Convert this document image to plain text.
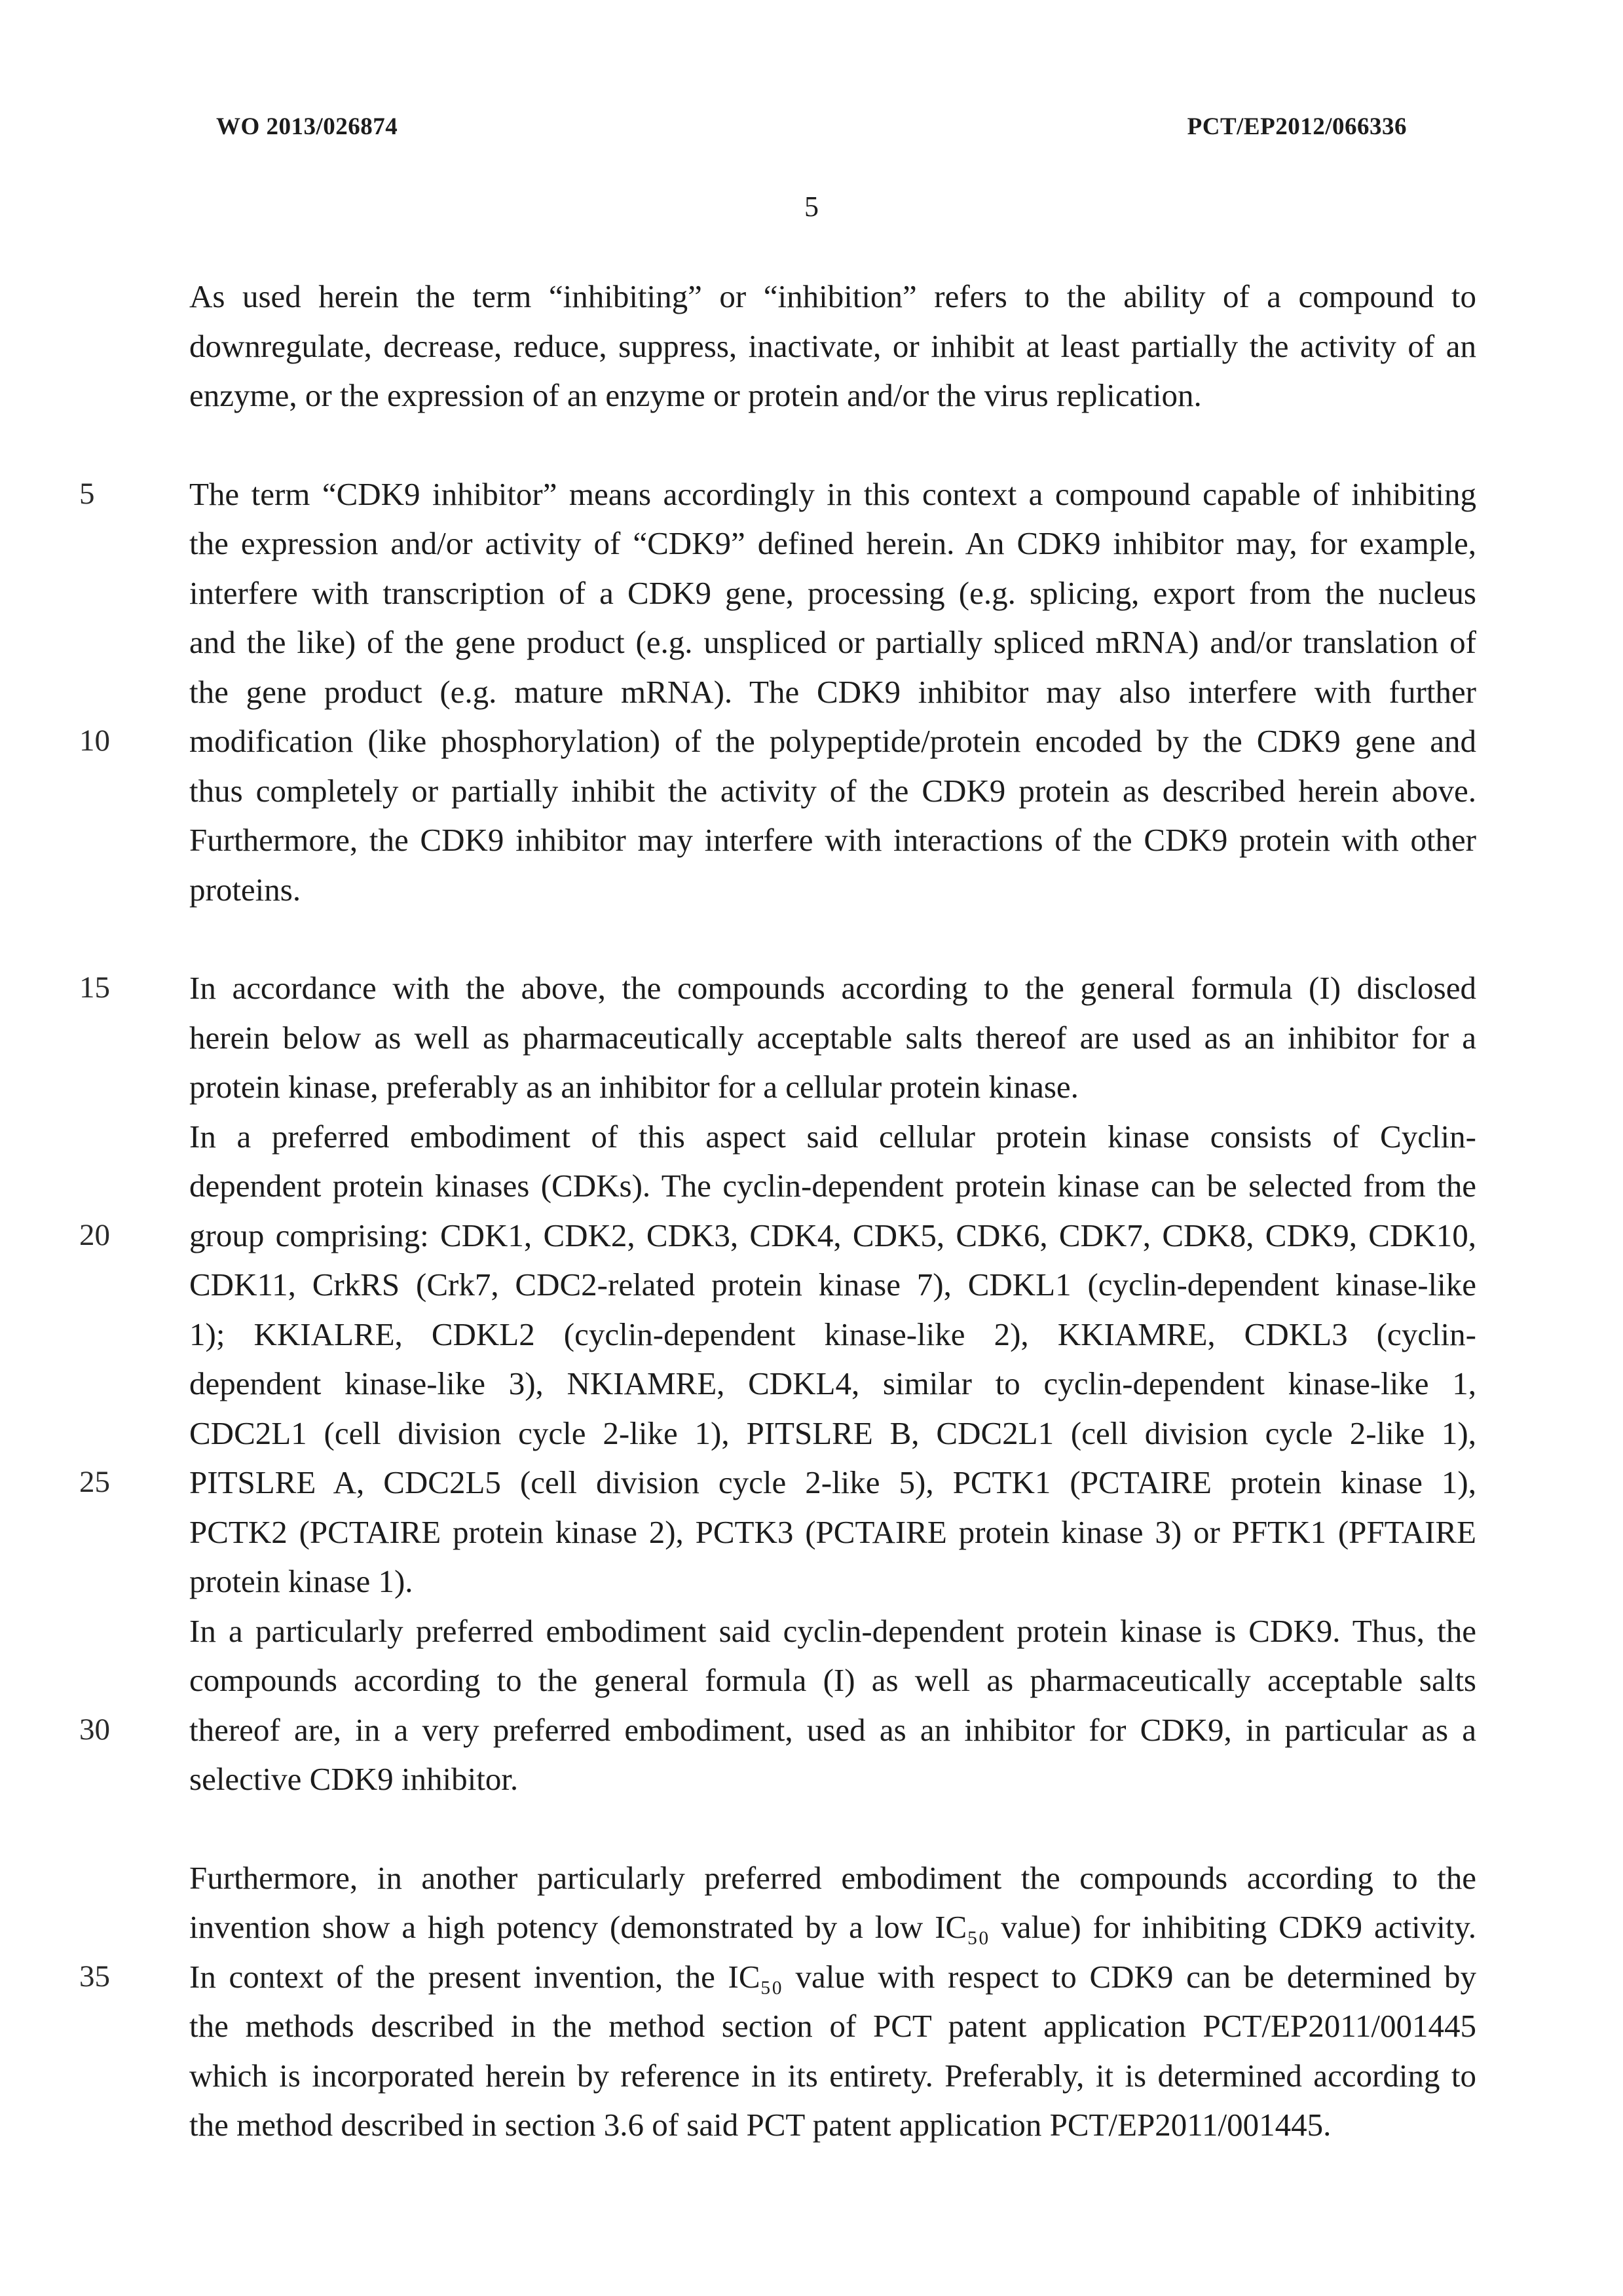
WO 2013/026874	PCT/EP2012/066336
5
As used herein the term “inhibiting” or “inhibition” refers to the ability of a compound to
downregulate, decrease, reduce, suppress, inactivate, or inhibit at least partially the activity of an
enzyme, or the expression of an enzyme or protein and/or the virus replication.
The term “CDK9 inhibitor” means accordingly in this context a compound capable of inhibiting
5
the expression and/or activity of “CDK9” defined herein. An CDK9 inhibitor may, for example,
interfere with transcription of a CDK9 gene, processing (e.g. splicing, export from the nucleus
and the like) of the gene product (e.g. unspliced or partially spliced mRNA) and/or translation of
the gene product (e.g. mature mRNA). The CDK9 inhibitor may also interfere with further
modification (like phosphorylation) of the polypeptide/protein encoded by the CDK9 gene and
10
thus completely or partially inhibit the activity of the CDK9 protein as described herein above.
Furthermore, the CDK9 inhibitor may interfere with interactions of the CDK9 protein with other
proteins.
In accordance with the above, the compounds according to the general formula (I) disclosed
15
herein below as well as pharmaceutically acceptable salts thereof are used as an inhibitor for a
protein kinase, preferably as an inhibitor for a cellular protein kinase.
In a preferred embodiment of this aspect said cellular protein kinase consists of Cyclin-
dependent protein kinases (CDKs). The cyclin-dependent protein kinase can be selected from the
group comprising: CDK1, CDK2, CDK3, CDK4, CDK5, CDK6, CDK7, CDK8, CDK9, CDK10,
20
CDK11, CrkRS (Crk7, CDC2-related protein kinase 7), CDKL1 (cyclin-dependent kinase-like
1); KKIALRE, CDKL2 (cyclin-dependent kinase-like 2), KKIAMRE, CDKL3 (cyclin-
dependent kinase-like 3), NKIAMRE, CDKL4, similar to cyclin-dependent kinase-like 1,
CDC2L1 (cell division cycle 2-like 1), PITSLRE B, CDC2L1 (cell division cycle 2-like 1),
PITSLRE A, CDC2L5 (cell division cycle 2-like 5), PCTK1 (PCTAIRE protein kinase 1),
25
PCTK2 (PCTAIRE protein kinase 2), PCTK3 (PCTAIRE protein kinase 3) or PFTK1 (PFTAIRE
protein kinase 1).
In a particularly preferred embodiment said cyclin-dependent protein kinase is CDK9. Thus, the
compounds according to the general formula (I) as well as pharmaceutically acceptable salts
thereof are, in a very preferred embodiment, used as an inhibitor for CDK9, in particular as a
30
selective CDK9 inhibitor.
Furthermore, in another particularly preferred embodiment the compounds according to the
invention show a high potency (demonstrated by a low IC₅₀ value) for inhibiting CDK9 activity.
In context of the present invention, the IC₅₀ value with respect to CDK9 can be determined by
35
the methods described in the method section of PCT patent application PCT/EP2011/001445
which is incorporated herein by reference in its entirety. Preferably, it is determined according to
the method described in section 3.6 of said PCT patent application PCT/EP2011/001445.
